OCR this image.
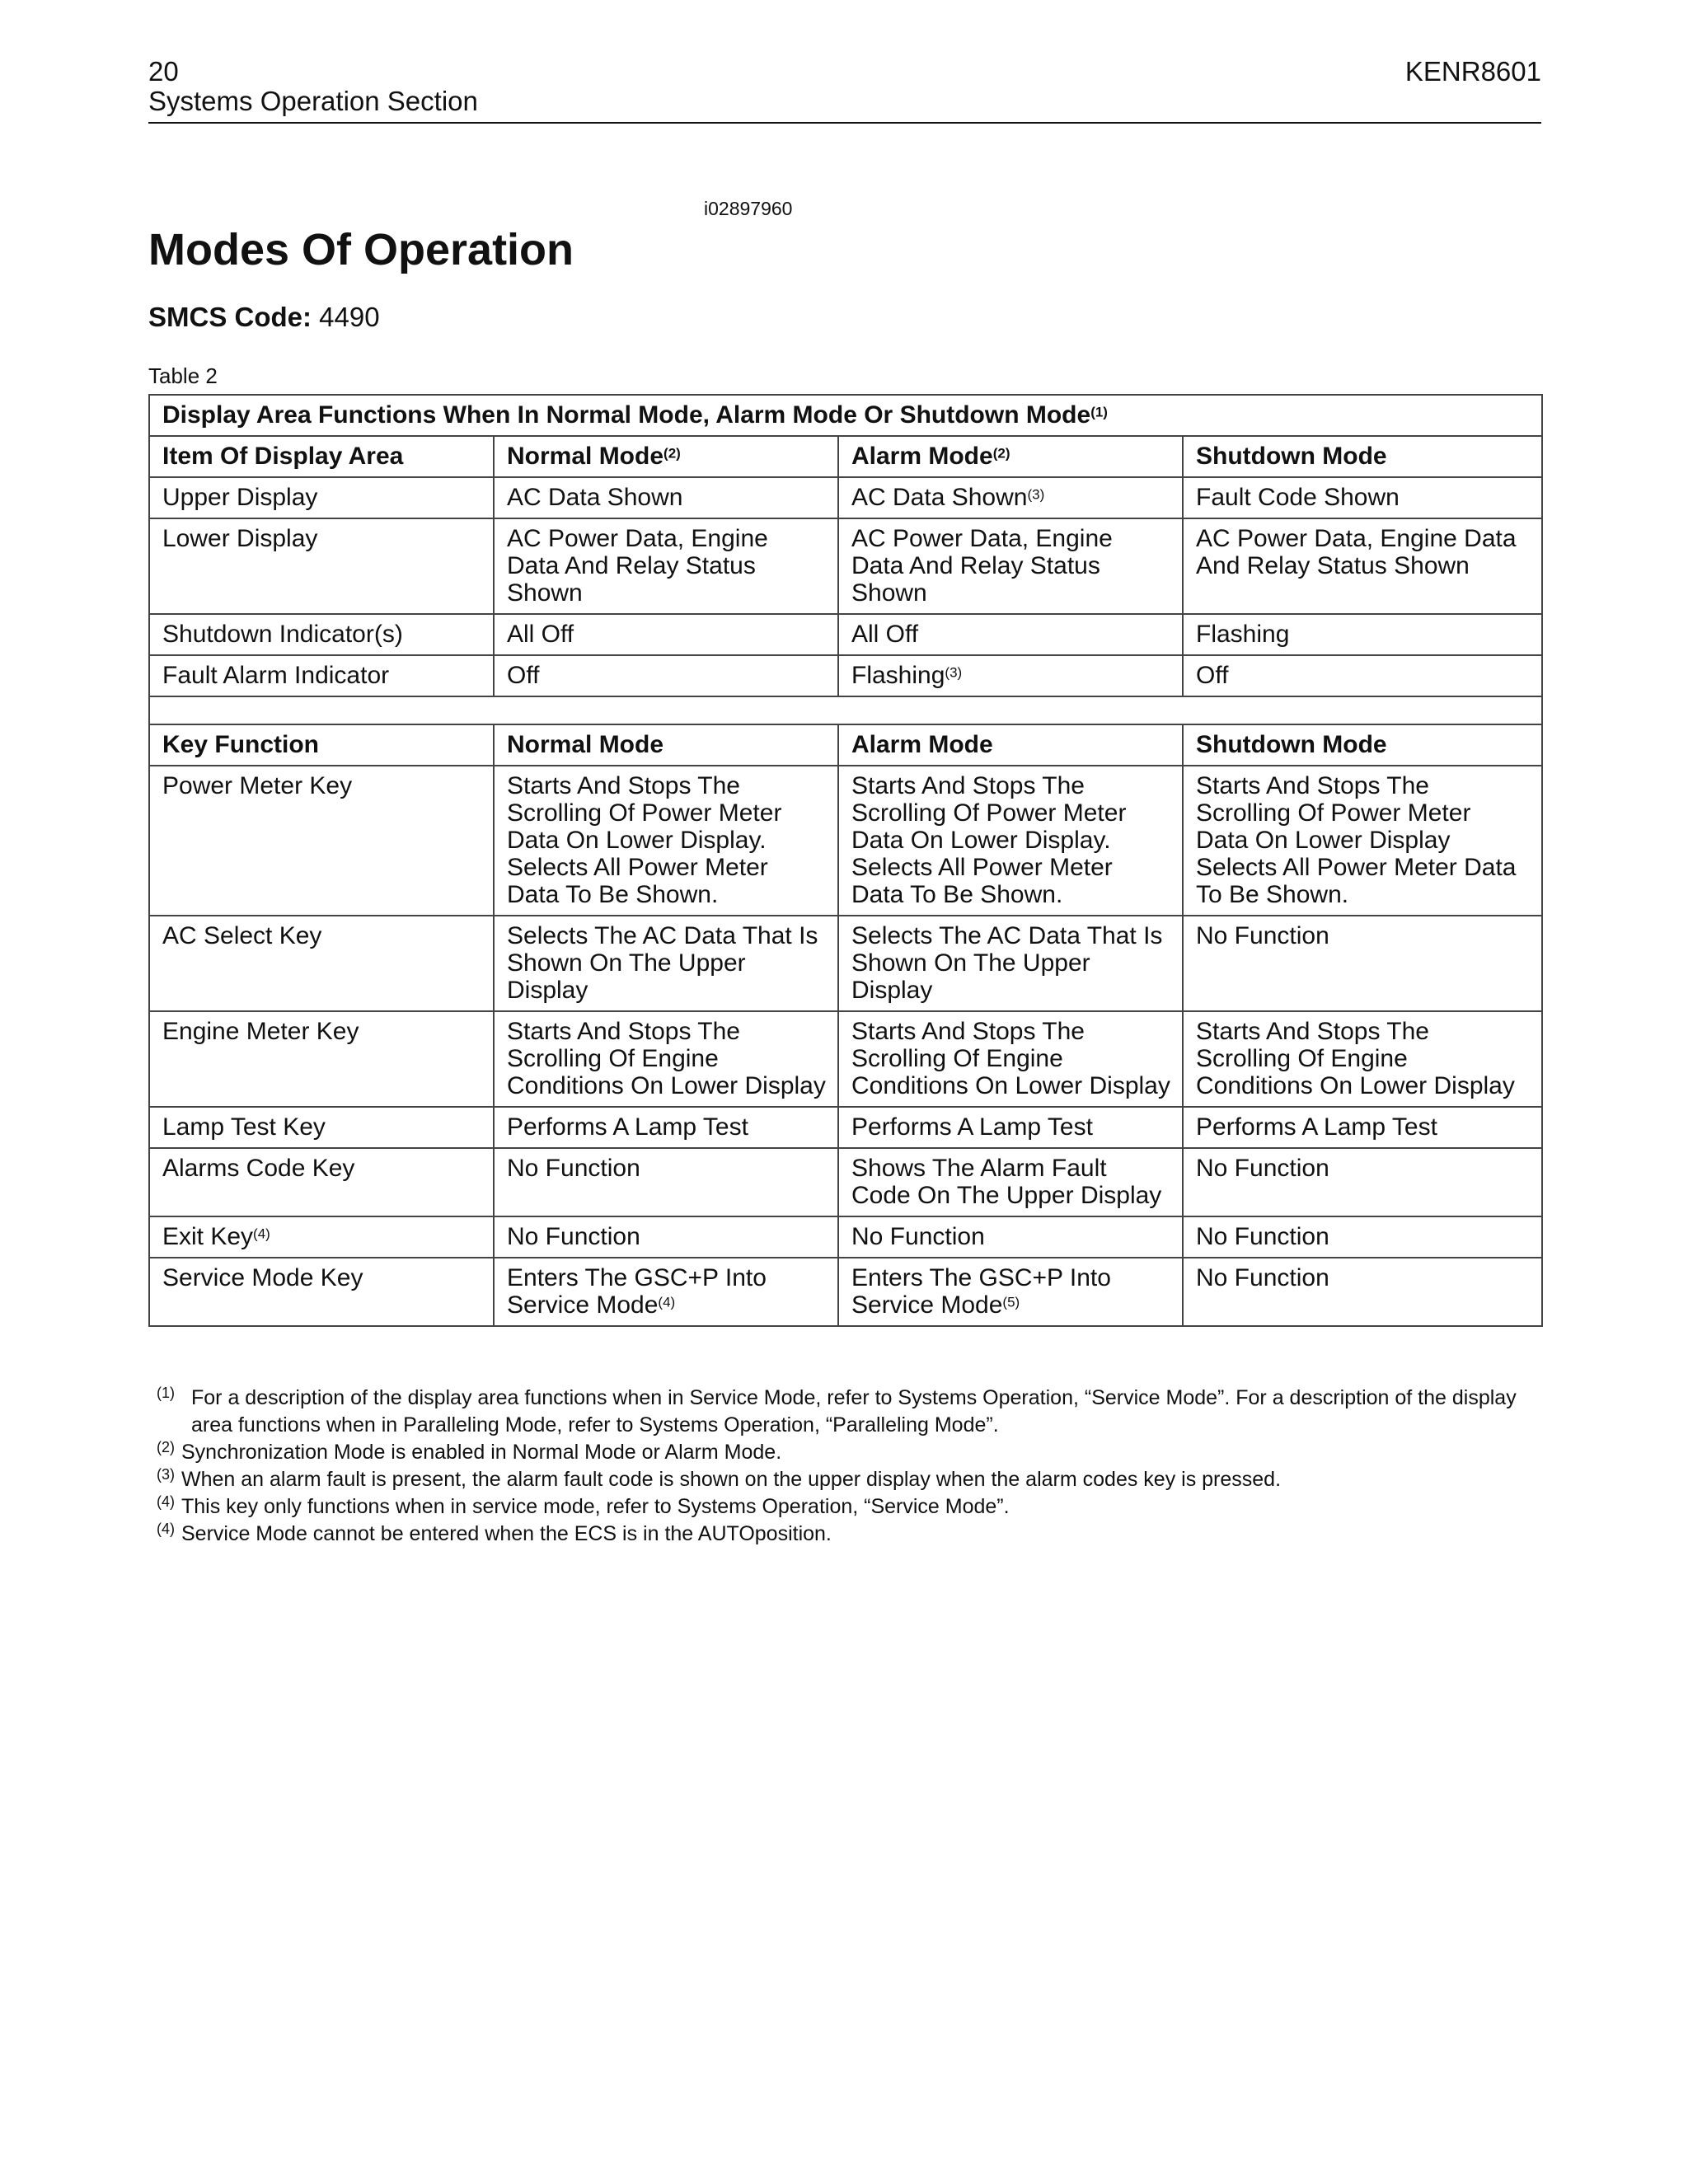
20	KENR8601
Systems Operation Section
i02897960
Modes Of Operation
SMCS Code: 4490
Table 2
Display Area Functions When In Normal Mode, Alarm Mode Or Shutdown Mode$^{(1)}$
Item Of Display Area	Normal Mode$^{(2)}$	Alarm Mode$^{(2)}$	Shutdown Mode
Upper Display	AC Data Shown	AC Data Shown$^{(3)}$	Fault Code Shown
Lower Display	AC Power Data, Engine Data And Relay Status Shown	AC Power Data, Engine Data And Relay Status Shown	AC Power Data, Engine Data And Relay Status Shown
Shutdown Indicator(s)	All Off	All Off	Flashing
Fault Alarm Indicator	Off	Flashing$^{(3)}$	Off

Key Function	Normal Mode	Alarm Mode	Shutdown Mode
Power Meter Key	Starts And Stops The Scrolling Of Power Meter Data On Lower Display. Selects All Power Meter Data To Be Shown.	Starts And Stops The Scrolling Of Power Meter Data On Lower Display. Selects All Power Meter Data To Be Shown.	Starts And Stops The Scrolling Of Power Meter Data On Lower Display Selects All Power Meter Data To Be Shown.
AC Select Key	Selects The AC Data That Is Shown On The Upper Display	Selects The AC Data That Is Shown On The Upper Display	No Function
Engine Meter Key	Starts And Stops The Scrolling Of Engine Conditions On Lower Display	Starts And Stops The Scrolling Of Engine Conditions On Lower Display	Starts And Stops The Scrolling Of Engine Conditions On Lower Display
Lamp Test Key	Performs A Lamp Test	Performs A Lamp Test	Performs A Lamp Test
Alarms Code Key	No Function	Shows The Alarm Fault Code On The Upper Display	No Function
Exit Key$^{(4)}$	No Function	No Function	No Function
Service Mode Key	Enters The GSC+P Into Service Mode$^{(4)}$	Enters The GSC+P Into Service Mode$^{(5)}$	No Function
(1) For a description of the display area functions when in Service Mode, refer to Systems Operation, “Service Mode”. For a description of the display area functions when in Paralleling Mode, refer to Systems Operation, “Paralleling Mode”.
(2) Synchronization Mode is enabled in Normal Mode or Alarm Mode.
(3) When an alarm fault is present, the alarm fault code is shown on the upper display when the alarm codes key is pressed.
(4) This key only functions when in service mode, refer to Systems Operation, “Service Mode”.
(4) Service Mode cannot be entered when the ECS is in the AUTOposition.
